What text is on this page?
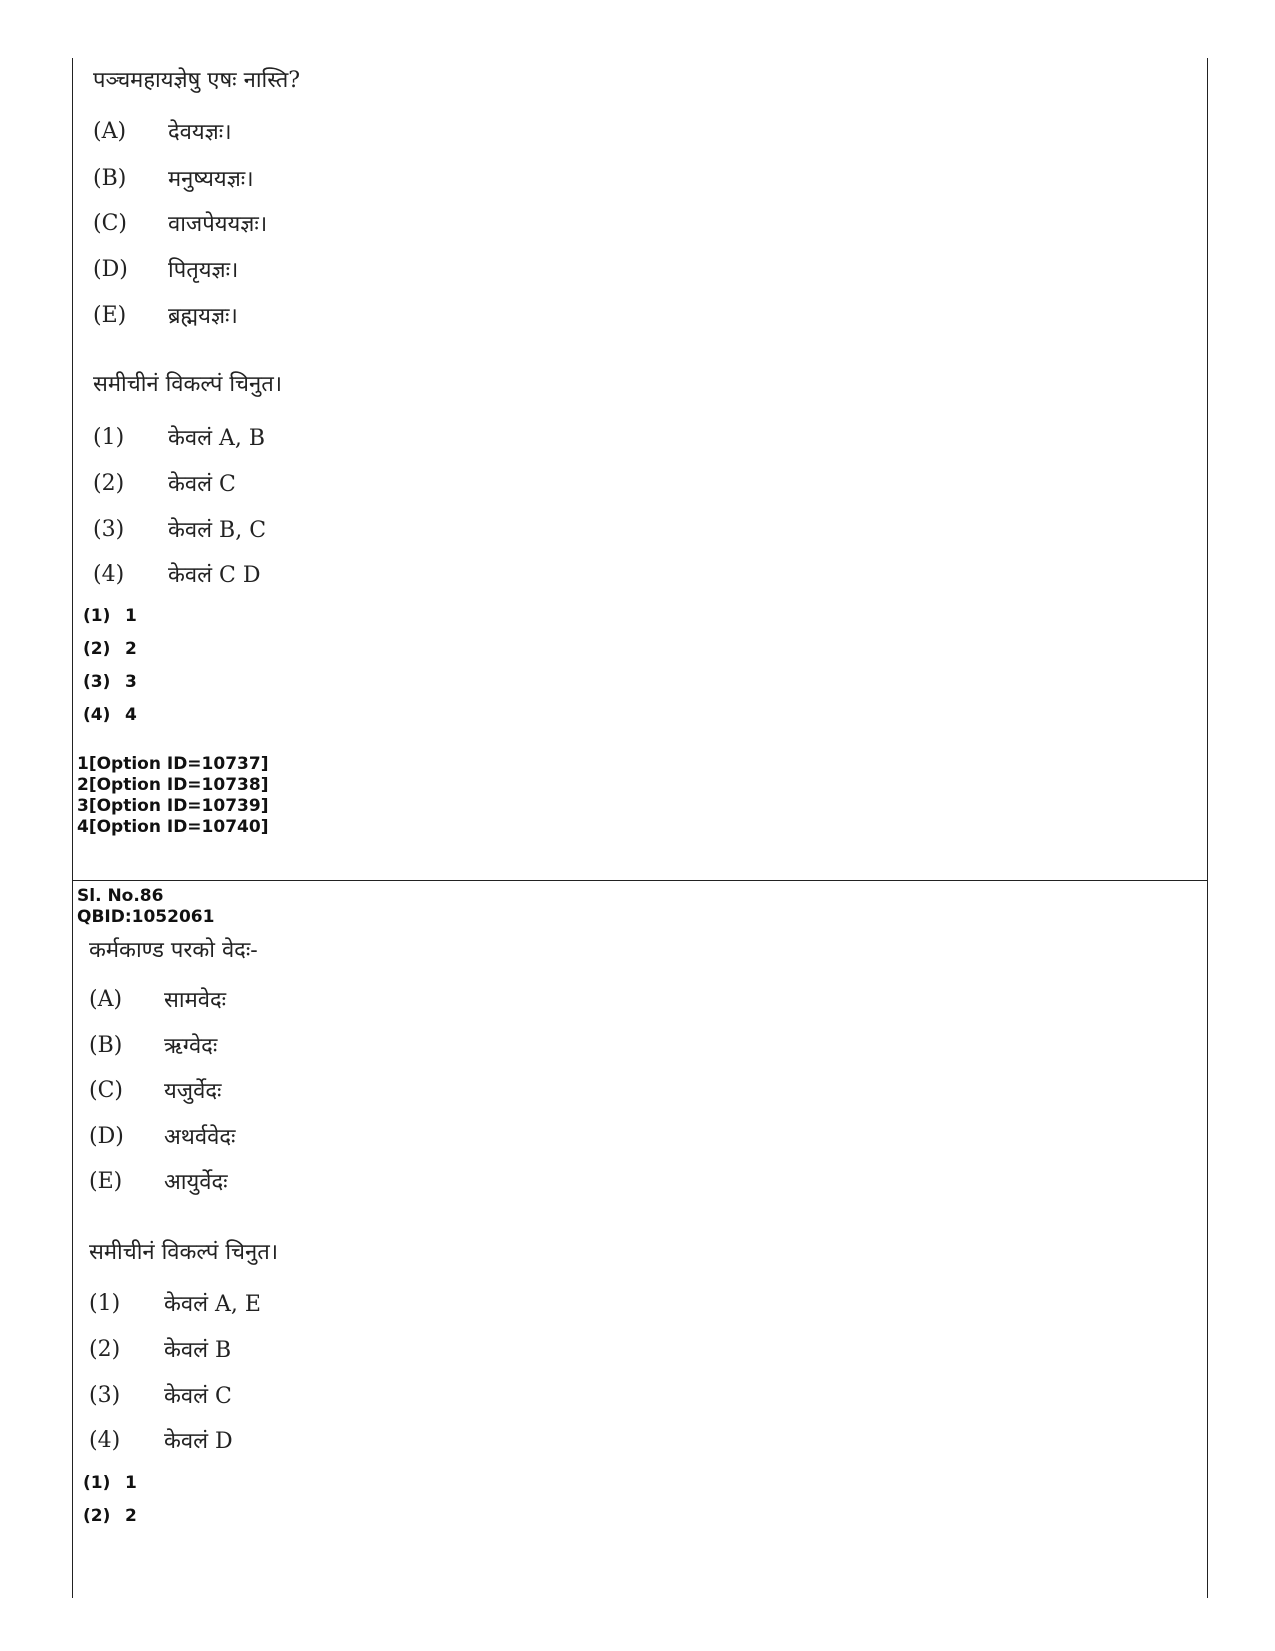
पञ्चमहायज्ञेषु एषः नास्ति?
(A)	देवयज्ञः।
(B)	मनुष्ययज्ञः।
(C)	वाजपेययज्ञः।
(D)	पितृयज्ञः।
(E)	ब्रह्मयज्ञः।
समीचीनं विकल्पं चिनुत।
(1)	केवलं A, B
(2)	केवलं C
(3)	केवलं B, C
(4)	केवलं C D
(1) 1
(2) 2
(3) 3
(4) 4
1[Option ID=10737]
2[Option ID=10738]
3[Option ID=10739]
4[Option ID=10740]
Sl. No.86
QBID:1052061
कर्मकाण्ड परको वेदः-
(A)	सामवेदः
(B)	ऋग्वेदः
(C)	यजुर्वेदः
(D)	अथर्ववेदः
(E)	आयुर्वेदः
समीचीनं विकल्पं चिनुत।
(1)	केवलं A, E
(2)	केवलं B
(3)	केवलं C
(4)	केवलं D
(1) 1
(2) 2
